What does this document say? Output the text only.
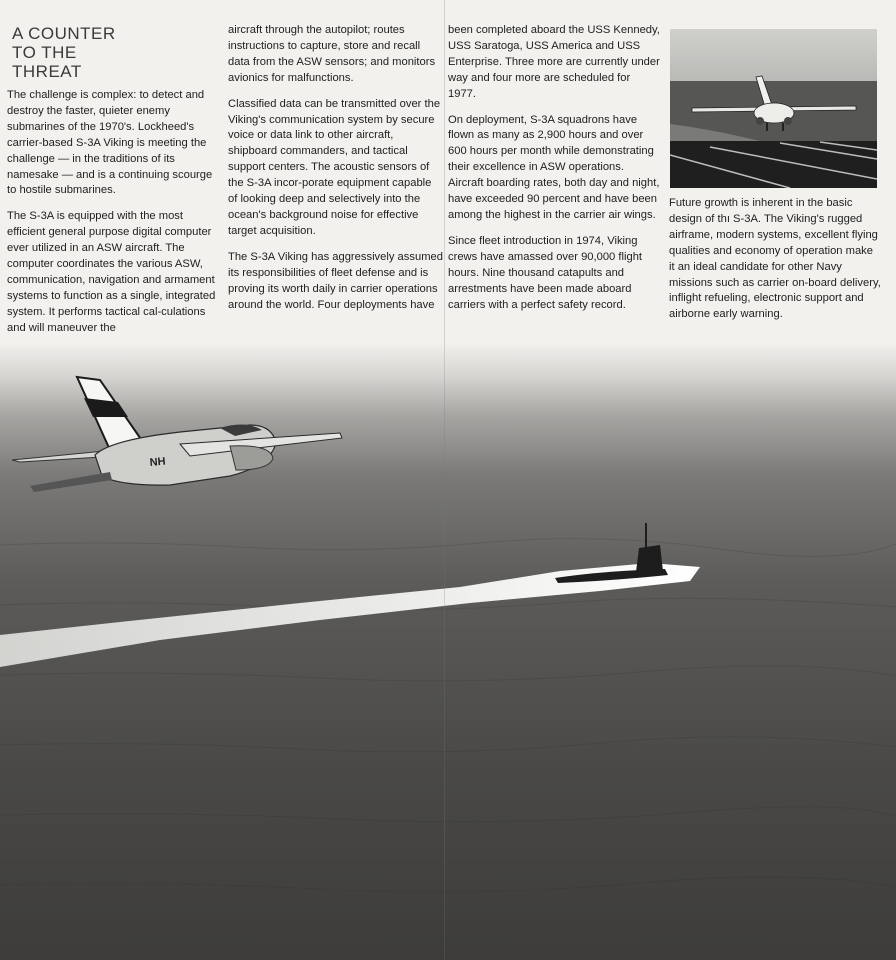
NH
A COUNTER
TO THE
THREAT

The challenge is complex: to detect and destroy the faster, quieter enemy submarines of the 1970's. Lockheed's carrier-based S-3A Viking is meeting the challenge — in the traditions of its namesake — and is a continuing scourge to hostile submarines.

The S-3A is equipped with the most efficient general purpose digital computer ever utilized in an ASW aircraft. The computer coordinates the various ASW, communication, navigation and armament systems to function as a single, integrated system. It performs tactical cal-culations and will maneuver the

aircraft through the autopilot; routes instructions to capture, store and recall data from the ASW sensors; and monitors avionics for malfunctions.

Classified data can be transmitted over the Viking's communication system by secure voice or data link to other aircraft, shipboard commanders, and tactical support centers. The acoustic sensors of the S-3A incor-porate equipment capable of looking deep and selectively into the ocean's background noise for effective target acquisition.

The S-3A Viking has aggressively assumed its responsibilities of fleet defense and is proving its worth daily in carrier operations around the world. Four deployments have

been completed aboard the USS Kennedy, USS Saratoga, USS America and USS Enterprise. Three more are currently under way and four more are scheduled for 1977.

On deployment, S-3A squadrons have flown as many as 2,900 hours and over 600 hours per month while demonstrating their excellence in ASW operations. Aircraft boarding rates, both day and night, have exceeded 90 percent and have been among the highest in the carrier air wings.

Since fleet introduction in 1974, Viking crews have amassed over 90,000 flight hours. Nine thousand catapults and arrestments have been made aboard carriers with a perfect safety record.

Future growth is inherent in the basic design of thı S-3A. The Viking's rugged airframe, modern systems, excellent flying qualities and economy of operation make it an ideal candidate for other Navy missions such as carrier on-board delivery, inflight refueling, electronic support and airborne early warning.
